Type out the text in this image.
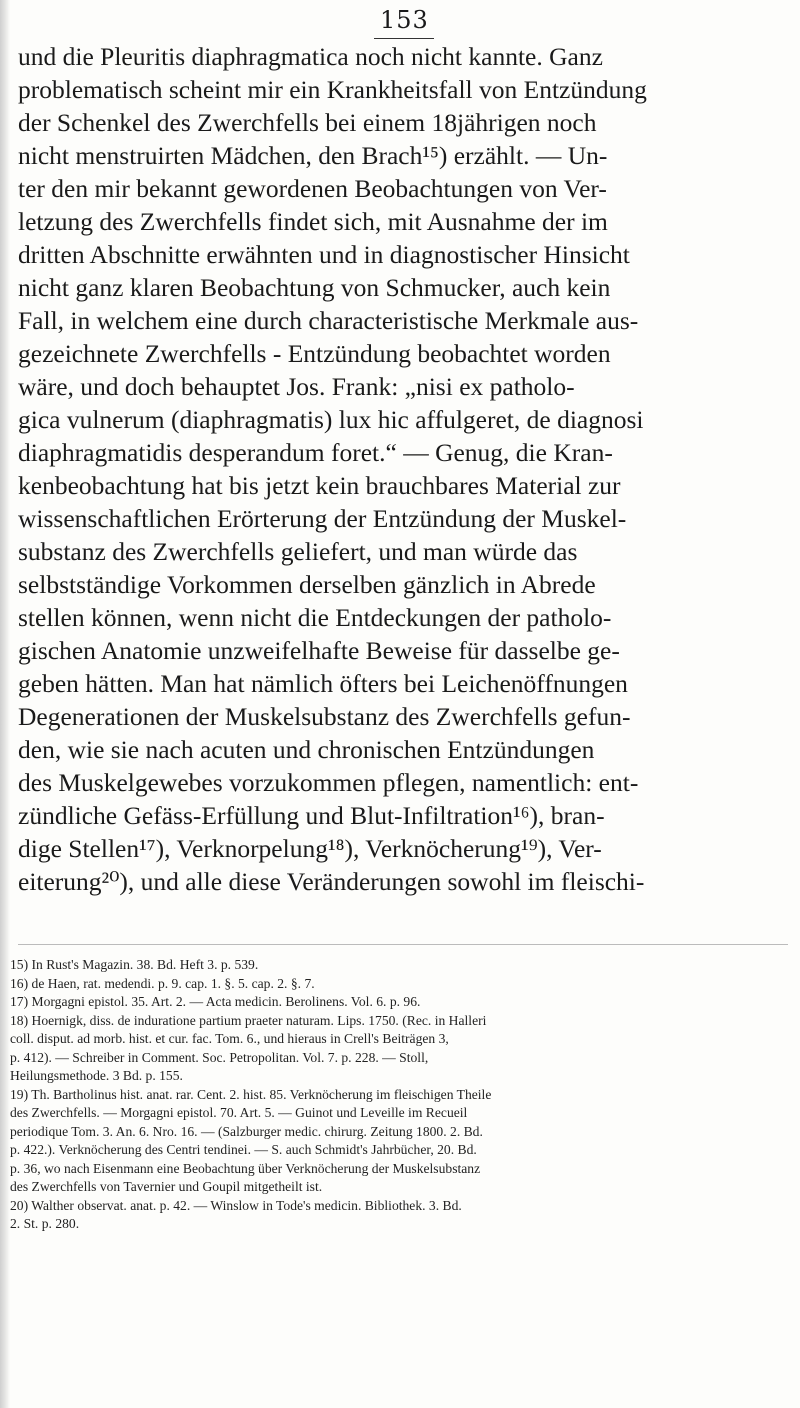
153
und die Pleuritis diaphragmatica noch nicht kannte. Ganz
problematisch scheint mir ein Krankheitsfall von Entzündung
der Schenkel des Zwerchfells bei einem 18jährigen noch
nicht menstruirten Mädchen, den Brach¹⁵) erzählt. — Un-
ter den mir bekannt gewordenen Beobachtungen von Ver-
letzung des Zwerchfells findet sich, mit Ausnahme der im
dritten Abschnitte erwähnten und in diagnostischer Hinsicht
nicht ganz klaren Beobachtung von Schmucker, auch kein
Fall, in welchem eine durch characteristische Merkmale aus-
gezeichnete Zwerchfells - Entzündung beobachtet worden
wäre, und doch behauptet Jos. Frank: „nisi ex patholo-
gica vulnerum (diaphragmatis) lux hic affulgeret, de diagnosi
diaphragmatidis desperandum foret.“ — Genug, die Kran-
kenbeobachtung hat bis jetzt kein brauchbares Material zur
wissenschaftlichen Erörterung der Entzündung der Muskel-
substanz des Zwerchfells geliefert, und man würde das
selbstständige Vorkommen derselben gänzlich in Abrede
stellen können, wenn nicht die Entdeckungen der patholo-
gischen Anatomie unzweifelhafte Beweise für dasselbe ge-
geben hätten. Man hat nämlich öfters bei Leichenöffnungen
Degenerationen der Muskelsubstanz des Zwerchfells gefun-
den, wie sie nach acuten und chronischen Entzündungen
des Muskelgewebes vorzukommen pflegen, namentlich: ent-
zündliche Gefäss-Erfüllung und Blut-Infiltration¹⁶), bran-
dige Stellen¹⁷), Verknorpelung¹⁸), Verknöcherung¹⁹), Ver-
eiterung²⁰), und alle diese Veränderungen sowohl im fleischi-
15) In Rust's Magazin. 38. Bd. Heft 3. p. 539.
16) de Haen, rat. medendi. p. 9. cap. 1. §. 5. cap. 2. §. 7.
17) Morgagni epistol. 35. Art. 2. — Acta medicin. Berolinens. Vol. 6. p. 96.
18) Hoernigk, diss. de induratione partium praeter naturam. Lips. 1750. (Rec. in Halleri
coll. disput. ad morb. hist. et cur. fac. Tom. 6., und hieraus in Crell's Beiträgen 3,
p. 412). — Schreiber in Comment. Soc. Petropolitan. Vol. 7. p. 228. — Stoll,
Heilungsmethode. 3 Bd. p. 155.
19) Th. Bartholinus hist. anat. rar. Cent. 2. hist. 85. Verknöcherung im fleischigen Theile
des Zwerchfells. — Morgagni epistol. 70. Art. 5. — Guinot und Leveille im Recueil
periodique Tom. 3. An. 6. Nro. 16. — (Salzburger medic. chirurg. Zeitung 1800. 2. Bd.
p. 422.). Verknöcherung des Centri tendinei. — S. auch Schmidt's Jahrbücher, 20. Bd.
p. 36, wo nach Eisenmann eine Beobachtung über Verknöcherung der Muskelsubstanz
des Zwerchfells von Tavernier und Goupil mitgetheilt ist.
20) Walther observat. anat. p. 42. — Winslow in Tode's medicin. Bibliothek. 3. Bd.
2. St. p. 280.
